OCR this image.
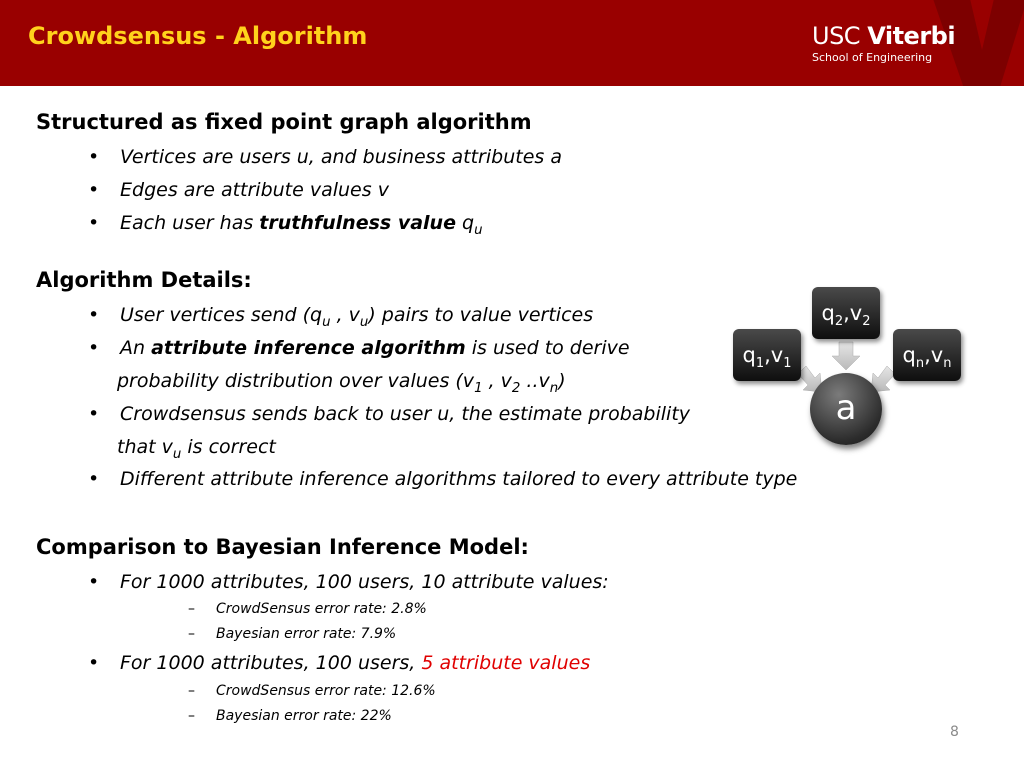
Crowdsensus - Algorithm	USC Viterbi
School of Engineering
Structured as fixed point graph algorithm
• Vertices are users u, and business attributes a
• Edges are attribute values v
• Each user has truthfulness value $q_u$
Algorithm Details:
• User vertices send ($q_u$ , $v_u$) pairs to value vertices
• An attribute inference algorithm is used to derive
probability distribution over values ($v_1$ , $v_2$ $..v_n$)
• Crowdsensus sends back to user u, the estimate probability
that $v_u$ is correct
• Different attribute inference algorithms tailored to every attribute type
Comparison to Bayesian Inference Model:
• For 1000 attributes, 100 users, 10 attribute values:
– CrowdSensus error rate: 2.8%
– Bayesian error rate: 7.9%
• For 1000 attributes, 100 users, 5 attribute values
– CrowdSensus error rate: 12.6%
– Bayesian error rate: 22%
$q_1,v_1$
$q_2,v_2$
$q_n,v_n$
a
8
